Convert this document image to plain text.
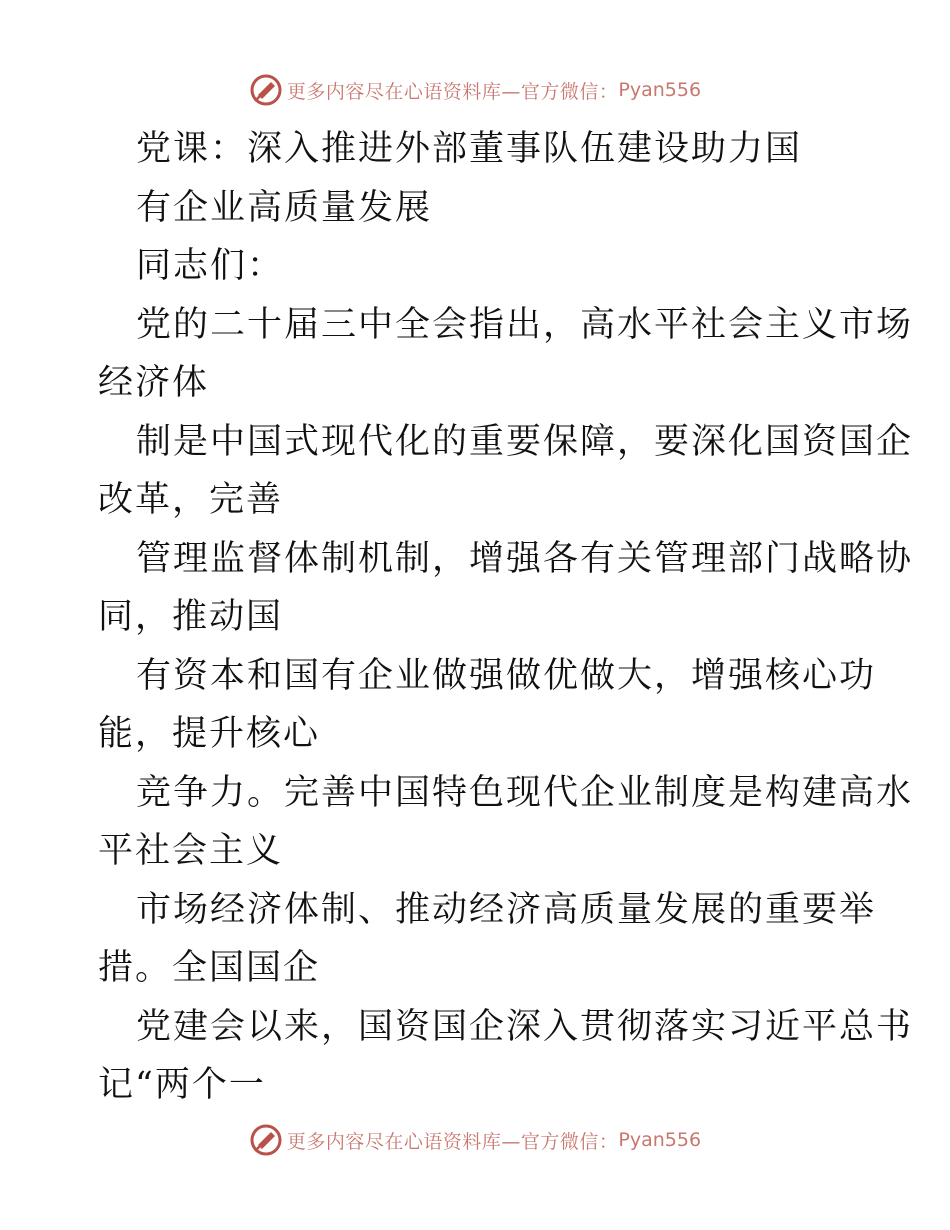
更多内容尽在心语资料库—官方微信： Pyan556
党课：深入推进外部董事队伍建设助力国
有企业高质量发展
同志们：
党的二十届三中全会指出，高水平社会主义市场
经济体
制是中国式现代化的重要保障，要深化国资国企
改革，完善
管理监督体制机制，增强各有关管理部门战略协
同，推动国
有资本和国有企业做强做优做大，增强核心功
能，提升核心
竞争力。完善中国特色现代企业制度是构建高水
平社会主义
市场经济体制、推动经济高质量发展的重要举
措。全国国企
党建会以来，国资国企深入贯彻落实习近平总书
记“两个一
更多内容尽在心语资料库—官方微信： Pyan556
